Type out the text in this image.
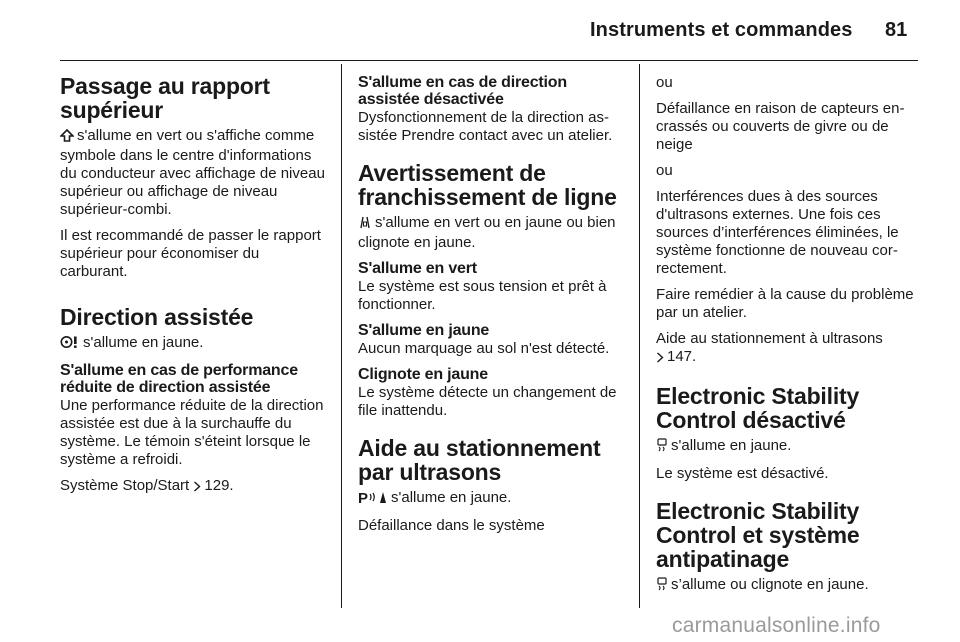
Instruments et commandes 81
Passage au rapport supérieur
s'allume en vert ou s'affiche comme symbole dans le centre d'informations du conducteur avec affichage de niveau supérieur ou affichage de niveau supérieur-combi.
Il est recommandé de passer le rapport supérieur pour économiser du carburant.
Direction assistée
s'allume en jaune.
S'allume en cas de performance réduite de direction assistée
Une performance réduite de la direction assistée est due à la surchauffe du système. Le témoin s'éteint lorsque le système a refroidi.
Système Stop/Start 129.
S'allume en cas de direction assistée désactivée
Dysfonctionnement de la direction assistée Prendre contact avec un atelier.
Avertissement de franchissement de ligne
s'allume en vert ou en jaune ou bien clignote en jaune.
S'allume en vert
Le système est sous tension et prêt à fonctionner.
S'allume en jaune
Aucun marquage au sol n'est détecté.
Clignote en jaune
Le système détecte un changement de file inattendu.
Aide au stationnement par ultrasons
P s'allume en jaune.
Défaillance dans le système
ou
Défaillance en raison de capteurs encrassés ou couverts de givre ou de neige
ou
Interférences dues à des sources d'ultrasons externes. Une fois ces sources d’interférences éliminées, le système fonctionne de nouveau correctement.
Faire remédier à la cause du problème par un atelier.
Aide au stationnement à ultrasons
147.
Electronic Stability Control désactivé
s'allume en jaune.
Le système est désactivé.
Electronic Stability Control et système antipatinage
s’allume ou clignote en jaune.
carmanualsonline.info
